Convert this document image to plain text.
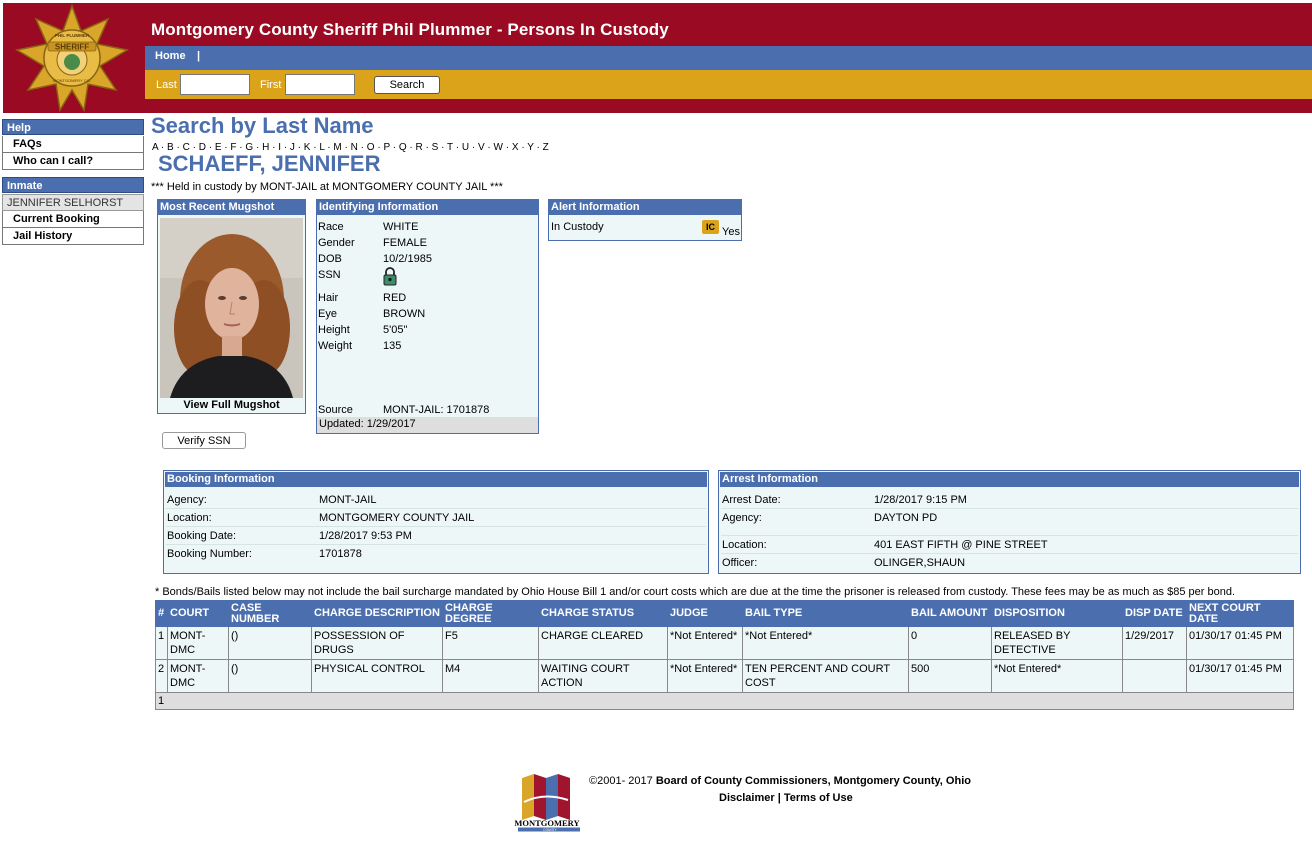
Montgomery County Sheriff Phil Plummer - Persons In Custody
Home |
Last	First	Search
SHERIFF
PHIL PLUMMER
MONTGOMERY CO.
Help
FAQs
Who can I call?
Inmate
JENNIFER SELHORST
Current Booking
Jail History
Search by Last Name
A · B · C · D · E · F · G · H · I · J · K · L · M · N · O · P · Q · R · S · T · U · V · W · X · Y · Z
SCHAEFF, JENNIFER
*** Held in custody by MONT-JAIL at MONTGOMERY COUNTY JAIL ***
Most Recent Mugshot
View Full Mugshot
Identifying Information
Race	WHITE
Gender	FEMALE
DOB	10/2/1985
SSN
Hair	RED
Eye	BROWN
Height	5'05"
Weight	135
Source	MONT-JAIL: 1701878
Updated: 1/29/2017
Alert Information
In Custody	IC Yes
Verify SSN
Booking Information
Agency:	MONT-JAIL
Location:	MONTGOMERY COUNTY JAIL
Booking Date:	1/28/2017 9:53 PM
Booking Number:	1701878
Arrest Information
Arrest Date:	1/28/2017 9:15 PM
Agency:	DAYTON PD
Location:	401 EAST FIFTH @ PINE STREET
Officer:	OLINGER,SHAUN
* Bonds/Bails listed below may not include the bail surcharge mandated by Ohio House Bill 1 and/or court costs which are due at the time the prisoner is released from custody. These fees may be as much as $85 per bond.
#	COURT	CASE NUMBER	CHARGE DESCRIPTION	CHARGE DEGREE	CHARGE STATUS	JUDGE	BAIL TYPE	BAIL AMOUNT	DISPOSITION	DISP DATE	NEXT COURT DATE
1	MONT-DMC	()	POSSESSION OF DRUGS	F5	CHARGE CLEARED	*Not Entered*	*Not Entered*	0	RELEASED BY DETECTIVE	1/29/2017	01/30/17 01:45 PM
2	MONT-DMC	()	PHYSICAL CONTROL	M4	WAITING COURT ACTION	*Not Entered*	TEN PERCENT AND COURT COST	500	*Not Entered*		01/30/17 01:45 PM
1											
MONTGOMERY
COUNTY
©2001- 2017 Board of County Commissioners, Montgomery County, Ohio
Disclaimer | Terms of Use
